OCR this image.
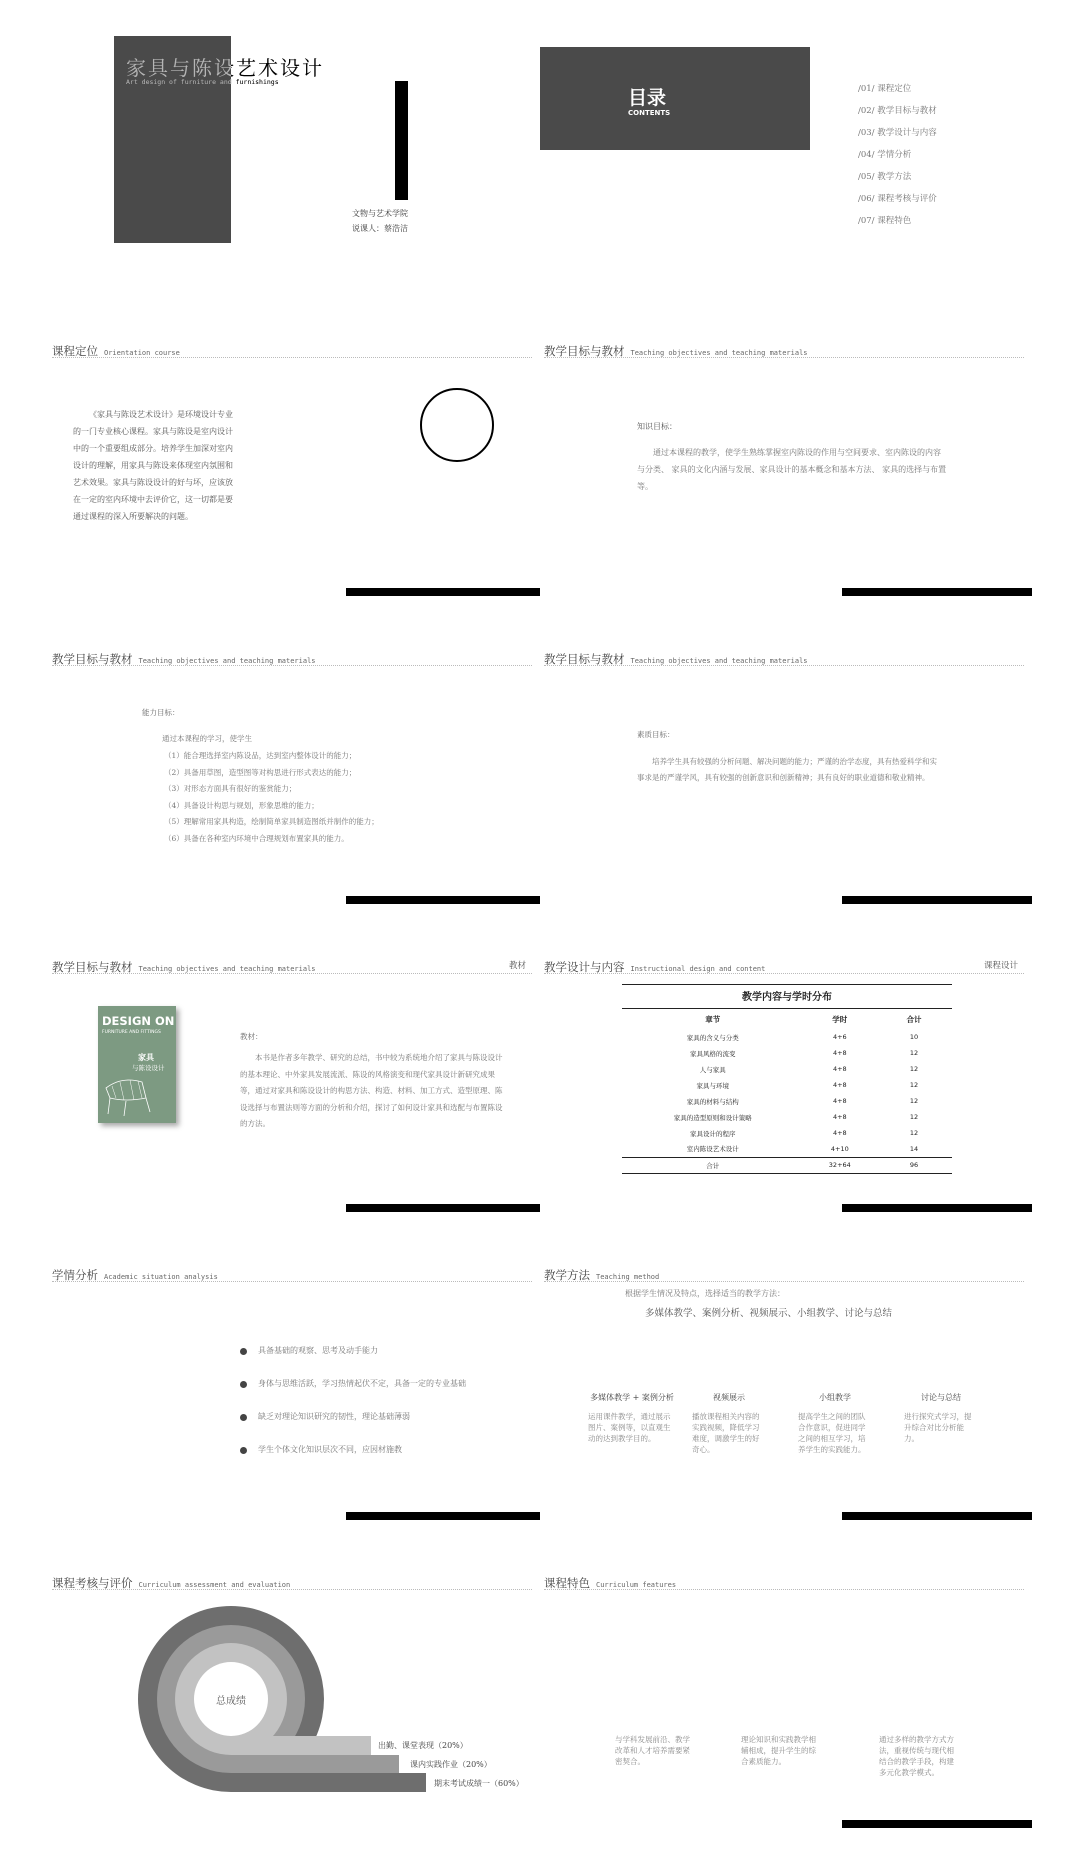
家具与陈设艺术设计
Art design of furniture and furnishings
文物与艺术学院
说课人：蔡浩洁
目录
CONTENTS
/01/ 课程定位
/02/ 教学目标与教材
/03/ 教学设计与内容
/04/ 学情分析
/05/ 教学方法
/06/ 课程考核与评价
/07/ 课程特色
课程定位 Orientation course
《家具与陈设艺术设计》是环境设计专业的一门专业核心课程。家具与陈设是室内设计中的一个重要组成部分。培养学生加深对室内设计的理解，用家具与陈设来体现室内氛围和艺术效果。家具与陈设设计的好与坏，应该放在一定的室内环境中去评价它，这一切都是要通过课程的深入所要解决的问题。
教学目标与教材 Teaching objectives and teaching materials
知识目标：
通过本课程的教学，使学生熟练掌握室内陈设的作用与空间要求、室内陈设的内容与分类、 家具的文化内涵与发展、家具设计的基本概念和基本方法、 家具的选择与布置等。
教学目标与教材 Teaching objectives and teaching materials
能力目标：
通过本课程的学习，使学生
（1）能合理选择室内陈设品，达到室内整体设计的能力；
（2）具备用草图，造型图等对构思进行形式表达的能力；
（3）对形态方面具有很好的鉴赏能力；
（4）具备设计构思与规划，形象思维的能力；
（5）理解常用家具构造，绘制简单家具制造图纸并制作的能力；
（6）具备在各种室内环境中合理规划布置家具的能力。
教学目标与教材 Teaching objectives and teaching materials
素质目标：
培养学生具有较强的分析问题、解决问题的能力；严谨的治学态度，具有热爱科学和实事求是的严谨学风，具有较强的创新意识和创新精神；具有良好的职业道德和敬业精神。
教学目标与教材 Teaching objectives and teaching materials	教材
DESIGN ON
FURNITURE AND FITTINGS
家具
与陈设设计
教材：
本书是作者多年教学、研究的总结，书中较为系统地介绍了家具与陈设设计的基本理论、中外家具发展流派、陈设的风格演变和现代家具设计新研究成果等，通过对家具和陈设设计的构思方法、构造、材料、加工方式、造型原理、陈设选择与布置法则等方面的分析和介绍，探讨了如何设计家具和选配与布置陈设的方法。
教学设计与内容 Instructional design and content	课程设计
教学内容与学时分布
章节	学时	合计
家具的含义与分类	4+6	10
家具风格的流变	4+8	12
人与家具	4+8	12
家具与环境	4+8	12
家具的材料与结构	4+8	12
家具的造型原则和设计策略	4+8	12
家具设计的程序	4+8	12
室内陈设艺术设计	4+10	14
合计	32+64	96
学情分析 Academic situation analysis
具备基础的观察、思考及动手能力
身体与思维活跃，学习热情起伏不定，具备一定的专业基础
缺乏对理论知识研究的韧性，理论基础薄弱
学生个体文化知识层次不同，应因材施教
教学方法 Teaching method
根据学生情况及特点，选择适当的教学方法：
多媒体教学、案例分析、视频展示、小组教学、讨论与总结
多媒体教学 + 案例分析
运用课件教学，通过展示图片、案例等，以直观生动的达到教学目的。
视频展示
播放课程相关内容的实践视频，降低学习难度，调激学生的好奇心。
小组教学
提高学生之间的团队合作意识，促进同学之间的相互学习，培养学生的实践能力。
讨论与总结
进行探究式学习，提升综合对比分析能力。
课程考核与评价 Curriculum assessment and evaluation
总成绩
出勤、课堂表现（20%）
课内实践作业（20%）
期末考试成绩一（60%）
课程特色 Curriculum features
与学科发展前沿、教学改革和人才培养需要紧密契合。
理论知识和实践教学相辅相成，提升学生的综合素质能力。
通过多样的教学方式方法，重视传统与现代相结合的教学手段，构建多元化教学模式。
